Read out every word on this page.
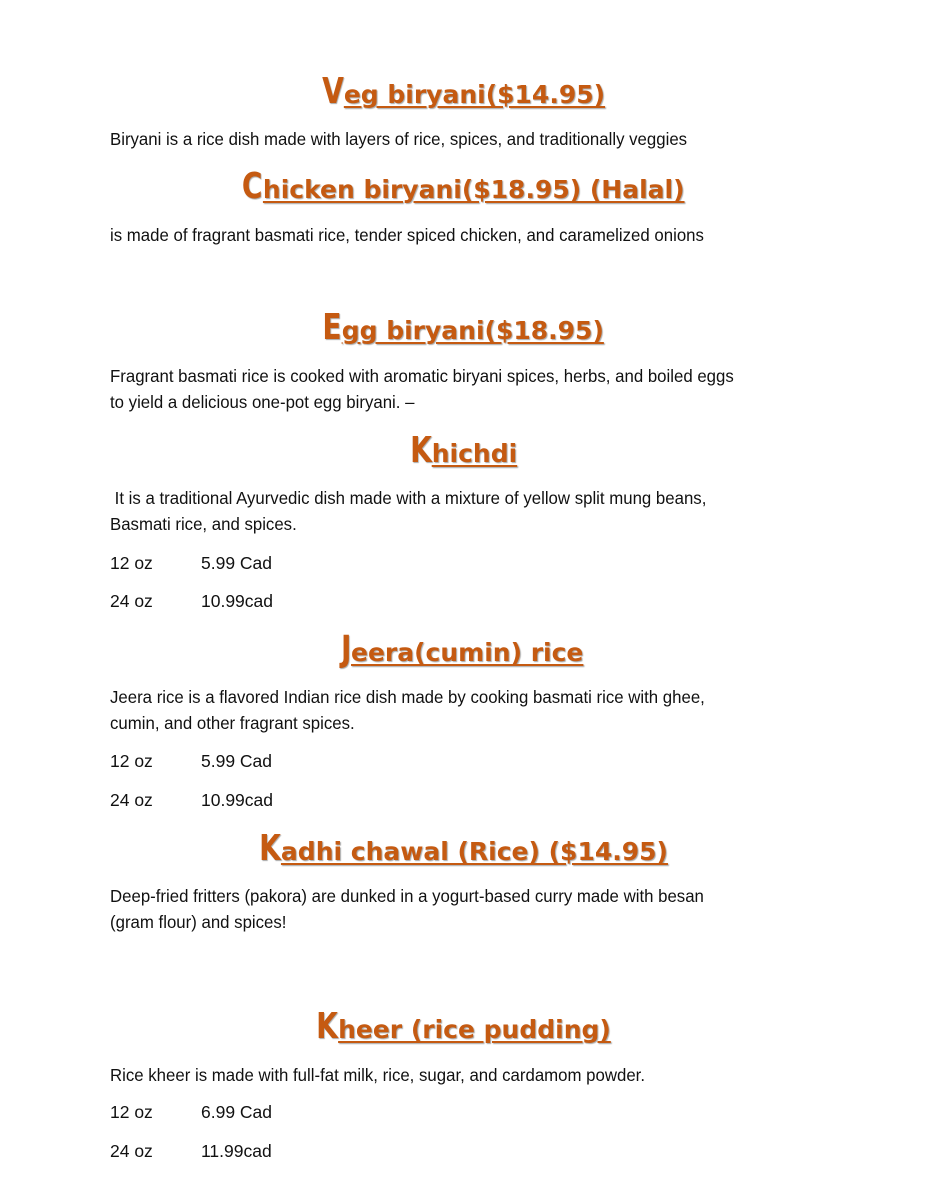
Veg biryani($14.95)

Biryani is a rice dish made with layers of rice, spices, and traditionally veggies

Chicken biryani($18.95) (Halal)

is made of fragrant basmati rice, tender spiced chicken, and caramelized onions

Egg biryani($18.95)

Fragrant basmati rice is cooked with aromatic biryani spices, herbs, and boiled eggs

to yield a delicious one-pot egg biryani. –

Khichdi

It is a traditional Ayurvedic dish made with a mixture of yellow split mung beans,

Basmati rice, and spices.

12 oz	5.99 Cad

24 oz	10.99cad

Jeera(cumin) rice

Jeera rice is a flavored Indian rice dish made by cooking basmati rice with ghee,

cumin, and other fragrant spices.

12 oz	5.99 Cad

24 oz	10.99cad

Kadhi chawal (Rice) ($14.95)

Deep-fried fritters (pakora) are dunked in a yogurt-based curry made with besan

(gram flour) and spices!

Kheer (rice pudding)

Rice kheer is made with full-fat milk, rice, sugar, and cardamom powder.

12 oz	6.99 Cad

24 oz	11.99cad
